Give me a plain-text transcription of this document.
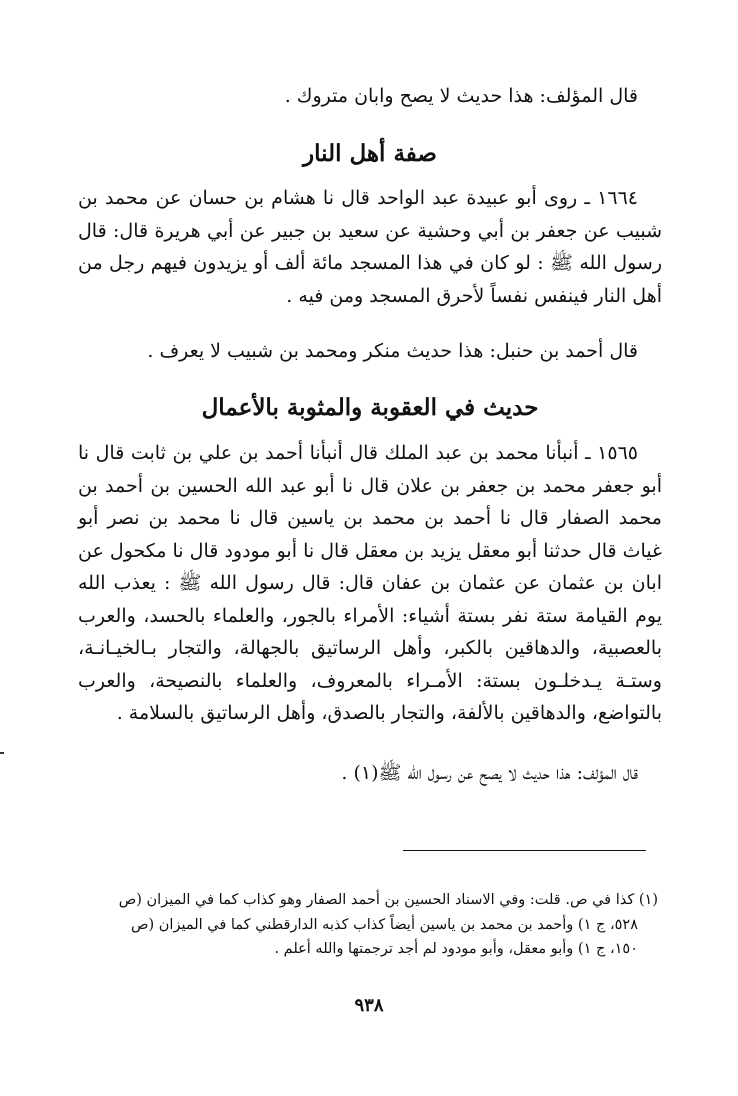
قال المؤلف: هذا حديث لا يصح وابان متروك .

صفة أهل النار

١٦٦٤ ـ روى أبو عبيدة عبد الواحد قال نا هشام بن حسان عن محمد بن شبيب عن جعفر بن أبي وحشية عن سعيد بن جبير عن أبي هريرة قال: قال رسول الله ﷺ : لو كان في هذا المسجد مائة ألف أو يزيدون فيهم رجل من أهل النار فينفس نفساً لأحرق المسجد ومن فيه .

قال أحمد بن حنبل: هذا حديث منكر ومحمد بن شبيب لا يعرف .

حديث في العقوبة والمثوبة بالأعمال

١٥٦٥ ـ أنبأنا محمد بن عبد الملك قال أنبأنا أحمد بن علي بن ثابت قال نا أبو جعفر محمد بن جعفر بن علان قال نا أبو عبد الله الحسين بن أحمد بن محمد الصفار قال نا أحمد بن محمد بن ياسين قال نا محمد بن نصر أبو غياث قال حدثنا أبو معقل يزيد بن معقل قال نا أبو مودود قال نا مكحول عن ابان بن عثمان عن عثمان بن عفان قال: قال رسول الله ﷺ : يعذب الله يوم القيامة ستة نفر بستة أشياء: الأمراء بالجور، والعلماء بالحسد، والعرب بالعصبية، والدهاقين بالكبر، وأهل الرساتيق بالجهالة، والتجار بـالخيـانـة، وستـة يـدخلـون بستة: الأمـراء بالمعروف، والعلماء بالنصيحة، والعرب بالتواضع، والدهاقين بالألفة، والتجار بالصدق، وأهل الرساتيق بالسلامة .

قال المؤلف: هذا حديث لا يصح عن رسول الله ﷺ(١) .

(١) كذا في ص. قلت: وفي الاسناد الحسين بن أحمد الصفار وهو كذاب كما في الميزان (ص
٥٢٨، ج ١) وأحمد بن محمد بن ياسين أيضاً كذاب كذبه الدارقطني كما في الميزان (ص
١٥٠، ج ١) وأبو معقل، وأبو مودود لم أجد ترجمتها والله أعلم .
٩٣٨
